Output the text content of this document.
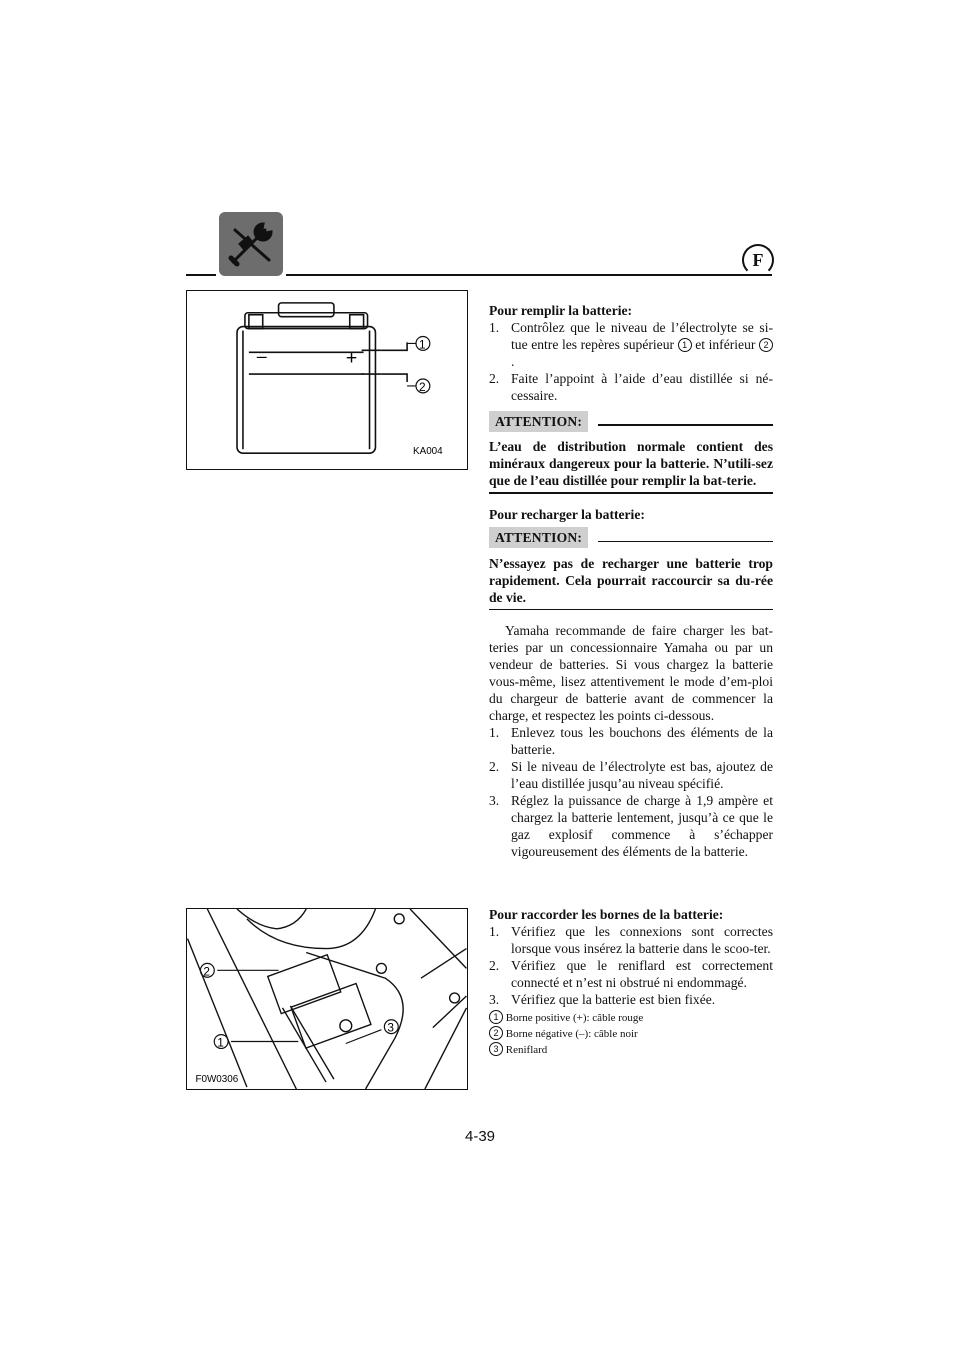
F
–	+
1
2
KA004
2
1
3
F0W0306

Pour remplir la batterie:

1. Contrôlez que le niveau de l’électrolyte se si-tue entre les repères supérieur 1 et inférieur 2.
2. Faite l’appoint à l’aide d’eau distillée si né-cessaire.
ATTENTION:

L’eau de distribution normale contient des minéraux dangereux pour la batterie. N’utili-sez que de l’eau distillée pour remplir la bat-terie.

Pour recharger la batterie:

ATTENTION:

N’essayez pas de recharger une batterie trop rapidement. Cela pourrait raccourcir sa du-rée de vie.

Yamaha recommande de faire charger les bat-teries par un concessionnaire Yamaha ou par un vendeur de batteries. Si vous chargez la batterie vous-même, lisez attentivement le mode d’em-ploi du chargeur de batterie avant de commencer la charge, et respectez les points ci-dessous.

1. Enlevez tous les bouchons des éléments de la batterie.
2. Si le niveau de l’électrolyte est bas, ajoutez de l’eau distillée jusqu’au niveau spécifié.
3. Réglez la puissance de charge à 1,9 ampère et chargez la batterie lentement, jusqu’à ce que le gaz explosif commence à s’échapper vigoureusement des éléments de la batterie.

Pour raccorder les bornes de la batterie:

1. Vérifiez que les connexions sont correctes lorsque vous insérez la batterie dans le scoo-ter.
2. Vérifiez que le reniflard est correctement connecté et n’est ni obstrué ni endommagé.
3. Vérifiez que la batterie est bien fixée.
1 Borne positive (+): câble rouge
2 Borne négative (–): câble noir
3 Reniflard
4-39
